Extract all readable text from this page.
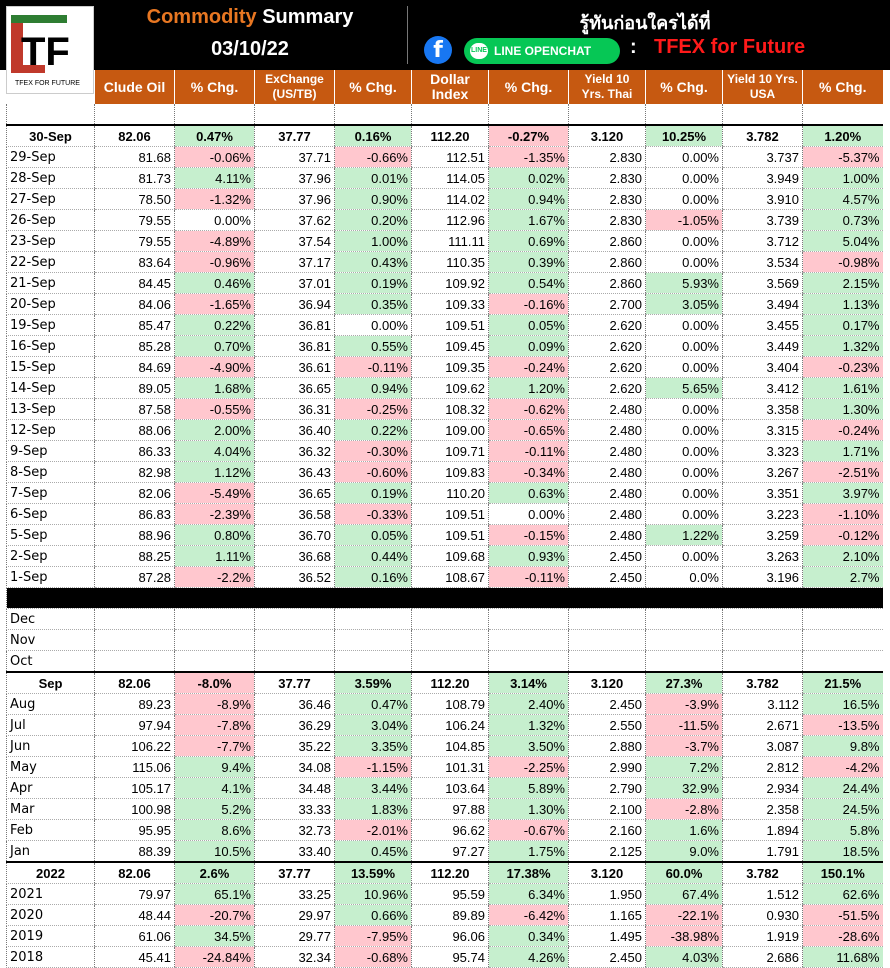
Commodity Summary
03/10/22
รู้ทันก่อนใครได้ที่
f	LINE LINE OPENCHAT : TFEX for Future
TF
TFEX FOR FUTURE
	Clude Oil	% Chg.	ExChange (US/TB)	% Chg.	Dollar Index	% Chg.	Yield 10 Yrs. Thai	% Chg.	Yield 10 Yrs. USA	% Chg.

30-Sep	82.06	0.47%	37.77	0.16%	112.20	-0.27%	3.120	10.25%	3.782	1.20%
29-Sep	81.68	-0.06%	37.71	-0.66%	112.51	-1.35%	2.830	0.00%	3.737	-5.37%
28-Sep	81.73	4.11%	37.96	0.01%	114.05	0.02%	2.830	0.00%	3.949	1.00%
27-Sep	78.50	-1.32%	37.96	0.90%	114.02	0.94%	2.830	0.00%	3.910	4.57%
26-Sep	79.55	0.00%	37.62	0.20%	112.96	1.67%	2.830	-1.05%	3.739	0.73%
23-Sep	79.55	-4.89%	37.54	1.00%	111.11	0.69%	2.860	0.00%	3.712	5.04%
22-Sep	83.64	-0.96%	37.17	0.43%	110.35	0.39%	2.860	0.00%	3.534	-0.98%
21-Sep	84.45	0.46%	37.01	0.19%	109.92	0.54%	2.860	5.93%	3.569	2.15%
20-Sep	84.06	-1.65%	36.94	0.35%	109.33	-0.16%	2.700	3.05%	3.494	1.13%
19-Sep	85.47	0.22%	36.81	0.00%	109.51	0.05%	2.620	0.00%	3.455	0.17%
16-Sep	85.28	0.70%	36.81	0.55%	109.45	0.09%	2.620	0.00%	3.449	1.32%
15-Sep	84.69	-4.90%	36.61	-0.11%	109.35	-0.24%	2.620	0.00%	3.404	-0.23%
14-Sep	89.05	1.68%	36.65	0.94%	109.62	1.20%	2.620	5.65%	3.412	1.61%
13-Sep	87.58	-0.55%	36.31	-0.25%	108.32	-0.62%	2.480	0.00%	3.358	1.30%
12-Sep	88.06	2.00%	36.40	0.22%	109.00	-0.65%	2.480	0.00%	3.315	-0.24%
9-Sep	86.33	4.04%	36.32	-0.30%	109.71	-0.11%	2.480	0.00%	3.323	1.71%
8-Sep	82.98	1.12%	36.43	-0.60%	109.83	-0.34%	2.480	0.00%	3.267	-2.51%
7-Sep	82.06	-5.49%	36.65	0.19%	110.20	0.63%	2.480	0.00%	3.351	3.97%
6-Sep	86.83	-2.39%	36.58	-0.33%	109.51	0.00%	2.480	0.00%	3.223	-1.10%
5-Sep	88.96	0.80%	36.70	0.05%	109.51	-0.15%	2.480	1.22%	3.259	-0.12%
2-Sep	88.25	1.11%	36.68	0.44%	109.68	0.93%	2.450	0.00%	3.263	2.10%
1-Sep	87.28	-2.2%	36.52	0.16%	108.67	-0.11%	2.450	0.0%	3.196	2.7%

Dec										
Nov										
Oct										
Sep	82.06	-8.0%	37.77	3.59%	112.20	3.14%	3.120	27.3%	3.782	21.5%
Aug	89.23	-8.9%	36.46	0.47%	108.79	2.40%	2.450	-3.9%	3.112	16.5%
Jul	97.94	-7.8%	36.29	3.04%	106.24	1.32%	2.550	-11.5%	2.671	-13.5%
Jun	106.22	-7.7%	35.22	3.35%	104.85	3.50%	2.880	-3.7%	3.087	9.8%
May	115.06	9.4%	34.08	-1.15%	101.31	-2.25%	2.990	7.2%	2.812	-4.2%
Apr	105.17	4.1%	34.48	3.44%	103.64	5.89%	2.790	32.9%	2.934	24.4%
Mar	100.98	5.2%	33.33	1.83%	97.88	1.30%	2.100	-2.8%	2.358	24.5%
Feb	95.95	8.6%	32.73	-2.01%	96.62	-0.67%	2.160	1.6%	1.894	5.8%
Jan	88.39	10.5%	33.40	0.45%	97.27	1.75%	2.125	9.0%	1.791	18.5%
2022	82.06	2.6%	37.77	13.59%	112.20	17.38%	3.120	60.0%	3.782	150.1%
2021	79.97	65.1%	33.25	10.96%	95.59	6.34%	1.950	67.4%	1.512	62.6%
2020	48.44	-20.7%	29.97	0.66%	89.89	-6.42%	1.165	-22.1%	0.930	-51.5%
2019	61.06	34.5%	29.77	-7.95%	96.06	0.34%	1.495	-38.98%	1.919	-28.6%
2018	45.41	-24.84%	32.34	-0.68%	95.74	4.26%	2.450	4.03%	2.686	11.68%
